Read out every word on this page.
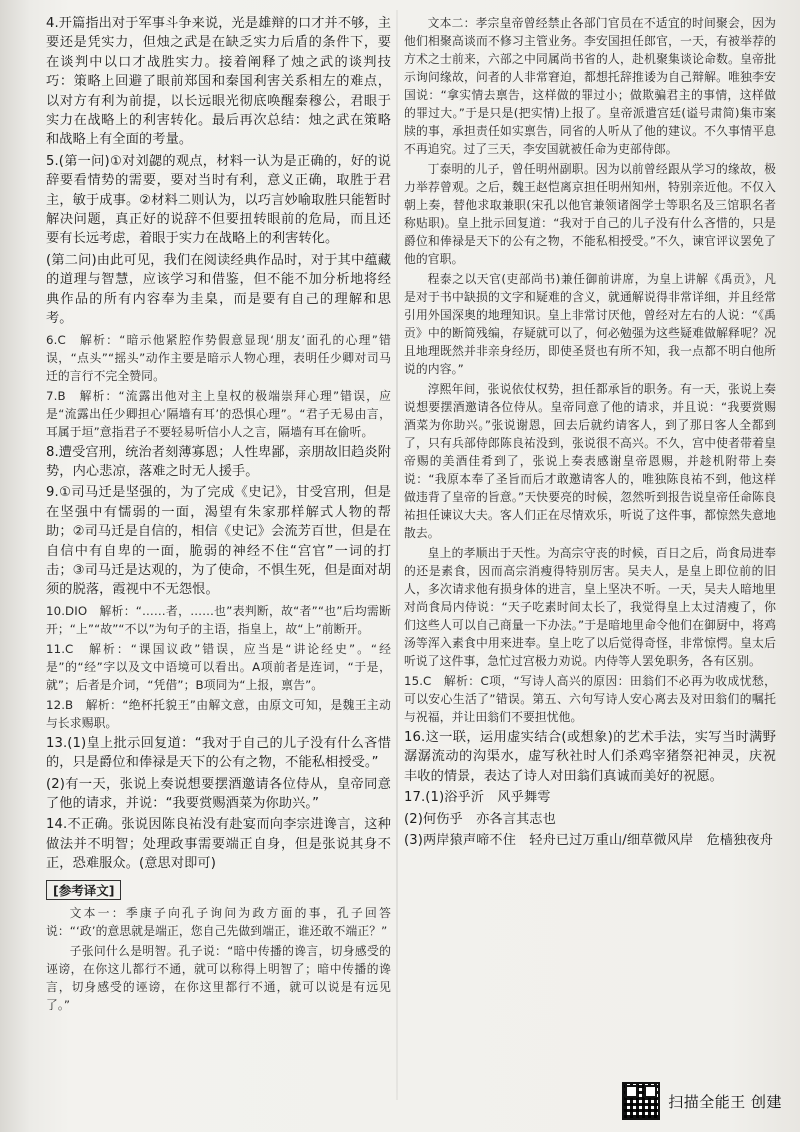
4.开篇指出对于军事斗争来说，光是雄辩的口才并不够，主要还是凭实力，但烛之武是在缺乏实力后盾的条件下，要在谈判中以口才战胜实力。接着阐释了烛之武的谈判技巧：策略上回避了眼前郑国和秦国利害关系相左的难点，以对方有利为前提，以长远眼光彻底唤醒秦穆公，君眼于实力在战略上的利害转化。最后再次总结：烛之武在策略和战略上有全面的考量。

5.(第一问)①对刘勰的观点，材料一认为是正确的，好的说辞要看情势的需要，要对当时有利，意义正确，取胜于君主，敏于成事。②材料二则认为，以巧言妙喻取胜只能暂时解决问题，真正好的说辞不但要扭转眼前的危局，而且还要有长远考虑，着眼于实力在战略上的利害转化。

(第二问)由此可见，我们在阅读经典作品时，对于其中蕴藏的道理与智慧，应该学习和借鉴，但不能不加分析地将经典作品的所有内容奉为圭臬，而是要有自己的理解和思考。

6.C　解析：“暗示他紧腔作势假意显现‘朋友’面孔的心理”错误，“点头”“摇头”动作主要是暗示人物心理，表明任少卿对司马迁的言行不完全赞同。

7.B　解析：“流露出他对主上皇权的极端崇拜心理”错误，应是“流露出任少卿担心‘隔墙有耳’的恐惧心理”。“君子无易由言，耳属于垣”意指君子不要轻易听信小人之言，隔墙有耳在偷听。

8.遭受宫刑，统治者刻薄寡恩；人性卑鄙，亲朋故旧趋炎附势，内心悲凉，落难之时无人援手。

9.①司马迁是坚强的，为了完成《史记》，甘受宫刑，但是在坚强中有懦弱的一面，渴望有朱家那样解式人物的帮助；②司马迁是自信的，相信《史记》会流芳百世，但是在自信中有自卑的一面，脆弱的神经不住“宫官”一词的打击；③司马迁是达观的，为了使命，不惧生死，但是面对胡须的脱落，霞视中不无怨恨。

10.DIO　解析：“……者，……也”表判断，故“者”“也”后均需断开；“上”“故”“不以”为句子的主语，指皇上，故“上”前断开。

11.C　解析：“课国议政”错误，应当是“讲论经史”。“经是”的“经”字以及文中语境可以看出。A项前者是连词，“于是，就”；后者是介词，“凭借”；B项同为“上报，禀告”。

12.B　解析：“绝杯托貌王”由解文意，由原文可知，是魏王主动与长求赐职。

13.(1)皇上批示回复道：“我对于自己的儿子没有什么吝惜的，只是爵位和俸禄是天下的公有之物，不能私相授受。”

(2)有一天，张说上奏说想要摆酒邀请各位侍从，皇帝同意了他的请求，并说：“我要赏赐酒菜为你助兴。”

14.不正确。张说因陈良祐没有赴宴而向李宗进谗言，这种做法并不明智；处理政事需要端正自身，但是张说其身不正，恐难服众。(意思对即可)

[参考译文]

文本一：季康子向孔子询问为政方面的事，孔子回答说：“‘政’的意思就是端正，您自己先做到端正，谁还敢不端正？”

子张问什么是明智。孔子说：“暗中传播的谗言，切身感受的诬谤，在你这儿都行不通，就可以称得上明智了；暗中传播的谗言，切身感受的诬谤，在你这里都行不通，就可以说是有远见了。”

文本二：孝宗皇帝曾经禁止各部门官员在不适宜的时间聚会，因为他们相聚高谈而不修习主管业务。李安国担任郎官，一天，有被举荐的方术之士前来，六部之中同属尚书省的人，赴机聚集谈论命数。皇帝批示询问缘故，问者的人非常窘迫，都想托辞推诿为自己辩解。唯独李安国说：“拿实情去禀告，这样做的罪过小；做欺骗君主的事情，这样做的罪过大。”于是只是(把实情)上报了。皇帝派遣宫廷(谥号肃简)集市案牍的事，承担责任如实禀告，同省的人听从了他的建议。不久事情平息不再追究。过了三天，李安国就被任命为吏部侍郎。

丁泰明的儿子，曾任明州副职。因为以前曾经跟从学习的缘故，极力举荐曾观。之后，魏王赵恺离京担任明州知州，特别亲近他。不仅入朝上奏，替他求取兼职(宋孔以他官兼领诸阁学士等职名及三馆职名者称贴职)。皇上批示回复道：“我对于自己的儿子没有什么吝惜的，只是爵位和俸禄是天下的公有之物，不能私相授受。”不久，谏官评议罢免了他的官职。

程泰之以天官(吏部尚书)兼任御前讲席，为皇上讲解《禹贡》，凡是对于书中缺损的文字和疑难的含义，就通解说得非常详细，并且经常引用外国深奥的地理知识。皇上非常讨厌他，曾经对左右的人说：“《禹贡》中的断简残编，存疑就可以了，何必勉强为这些疑难做解释呢？况且地理既然并非亲身经历，即使圣贤也有所不知，我一点都不明白他所说的内容。”

淳熙年间，张说依仗权势，担任都承旨的职务。有一天，张说上奏说想要摆酒邀请各位侍从。皇帝同意了他的请求，并且说：“我要赏赐酒菜为你助兴。”张说谢恩，回去后就约请客人，到了那日客人全都到了，只有兵部侍郎陈良祐没到，张说很不高兴。不久，宫中使者带着皇帝赐的美酒佳肴到了，张说上奏表感谢皇帝恩赐，并趁机附带上奏说：“我原本奉了圣旨而后才敢邀请客人的，唯独陈良祐不到，他这样做违背了皇帝的旨意。”天快要亮的时候，忽然听到报告说皇帝任命陈良祐担任谏议大夫。客人们正在尽情欢乐，听说了这件事，都惊然失意地散去。

皇上的孝顺出于天性。为高宗守丧的时候，百日之后，尚食局进奉的还是素食，因而高宗消瘦得特别厉害。吴夫人，是皇上即位前的旧人，多次请求他有损身体的进言，皇上坚决不听。一天，吴夫人暗地里对尚食局内侍说：“天子吃素时间太长了，我觉得皇上太过清瘦了，你们这些人可以自己商量一下办法。”于是暗地里命令他们在御厨中，将鸡汤等浑入素食中用来进奉。皇上吃了以后觉得奇怪，非常惊愕。皇太后听说了这件事，急忙过宫极力劝说。内侍等人罢免职务，各有区别。

15.C　解析：C项，“写诗人高兴的原因：田翁们不必再为收成忧愁，可以安心生活了”错误。第五、六句写诗人安心离去及对田翁们的嘱托与祝福，并让田翁们不要担忧他。

16.这一联，运用虚实结合(或想象)的艺术手法，实写当时满野潺潺流动的沟渠水，虚写秋社时人们杀鸡宰猪祭祀神灵，庆祝丰收的情景，表达了诗人对田翁们真诚而美好的祝愿。

17.(1)浴乎沂　风乎舞雩

(2)何伤乎　亦各言其志也

(3)两岸猿声啼不住　轻舟已过万重山/细草微风岸　危樯独夜舟

扫描全能王 创建
